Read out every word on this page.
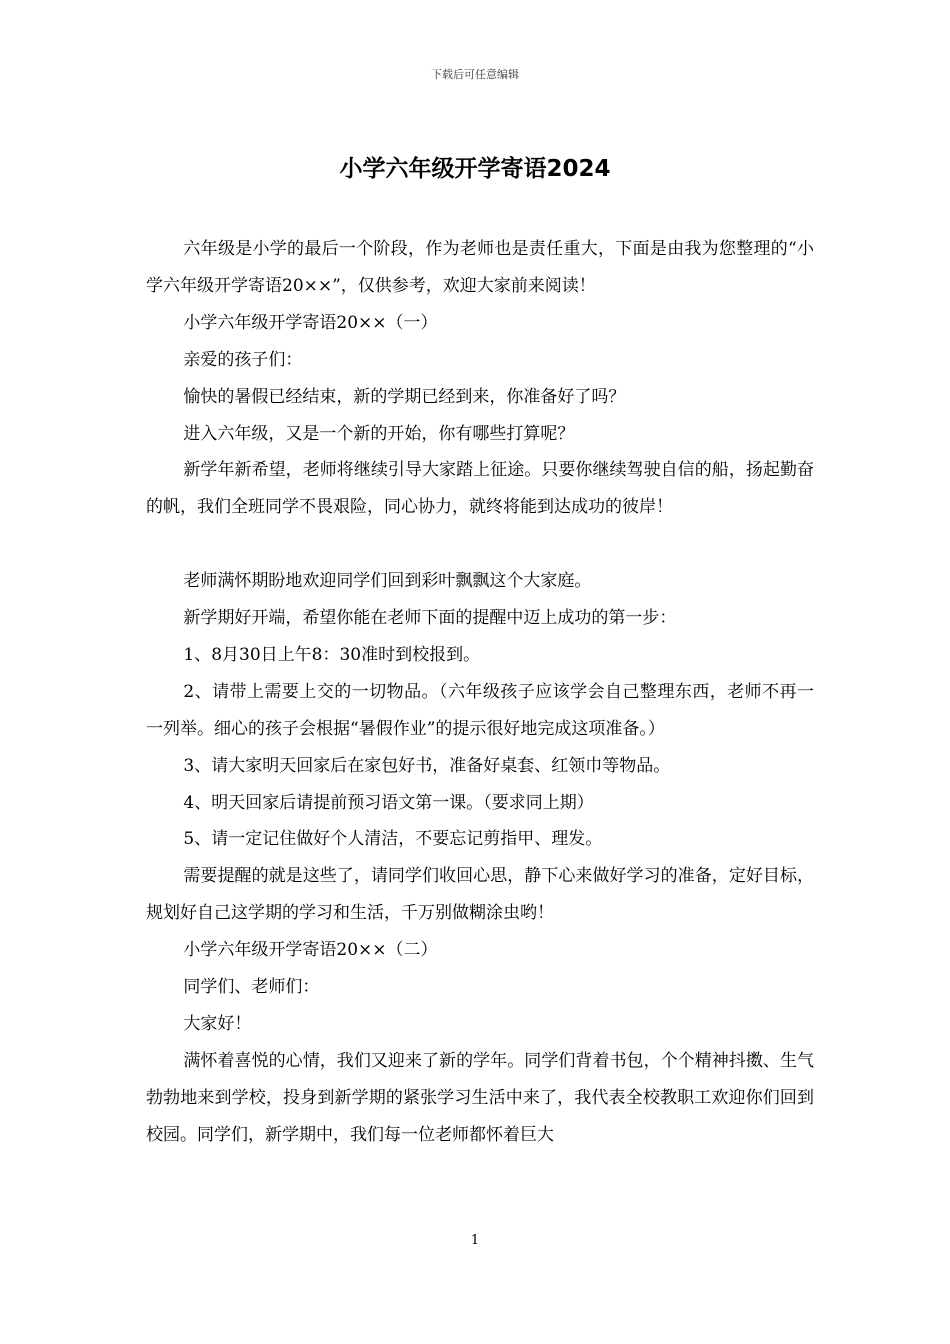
下载后可任意编辑
小学六年级开学寄语2024

六年级是小学的最后一个阶段，作为老师也是责任重大，下面是由我为您整理的“小学六年级开学寄语20××”，仅供参考，欢迎大家前来阅读！

小学六年级开学寄语20××（一）

亲爱的孩子们：

愉快的暑假已经结束，新的学期已经到来，你准备好了吗？

进入六年级，又是一个新的开始，你有哪些打算呢？

新学年新希望，老师将继续引导大家踏上征途。只要你继续驾驶自信的船，扬起勤奋的帆，我们全班同学不畏艰险，同心协力，就终将能到达成功的彼岸！

老师满怀期盼地欢迎同学们回到彩叶飘飘这个大家庭。

新学期好开端，希望你能在老师下面的提醒中迈上成功的第一步：

1、8月30日上午8：30准时到校报到。

2、请带上需要上交的一切物品。（六年级孩子应该学会自己整理东西，老师不再一一列举。细心的孩子会根据“暑假作业”的提示很好地完成这项准备。）

3、请大家明天回家后在家包好书，准备好桌套、红领巾等物品。

4、明天回家后请提前预习语文第一课。（要求同上期）

5、请一定记住做好个人清洁，不要忘记剪指甲、理发。

需要提醒的就是这些了，请同学们收回心思，静下心来做好学习的准备，定好目标，规划好自己这学期的学习和生活，千万别做糊涂虫哟！

小学六年级开学寄语20××（二）

同学们、老师们：

大家好！

满怀着喜悦的心情，我们又迎来了新的学年。同学们背着书包，个个精神抖擞、生气勃勃地来到学校，投身到新学期的紧张学习生活中来了，我代表全校教职工欢迎你们回到校园。同学们，新学期中，我们每一位老师都怀着巨大

1
